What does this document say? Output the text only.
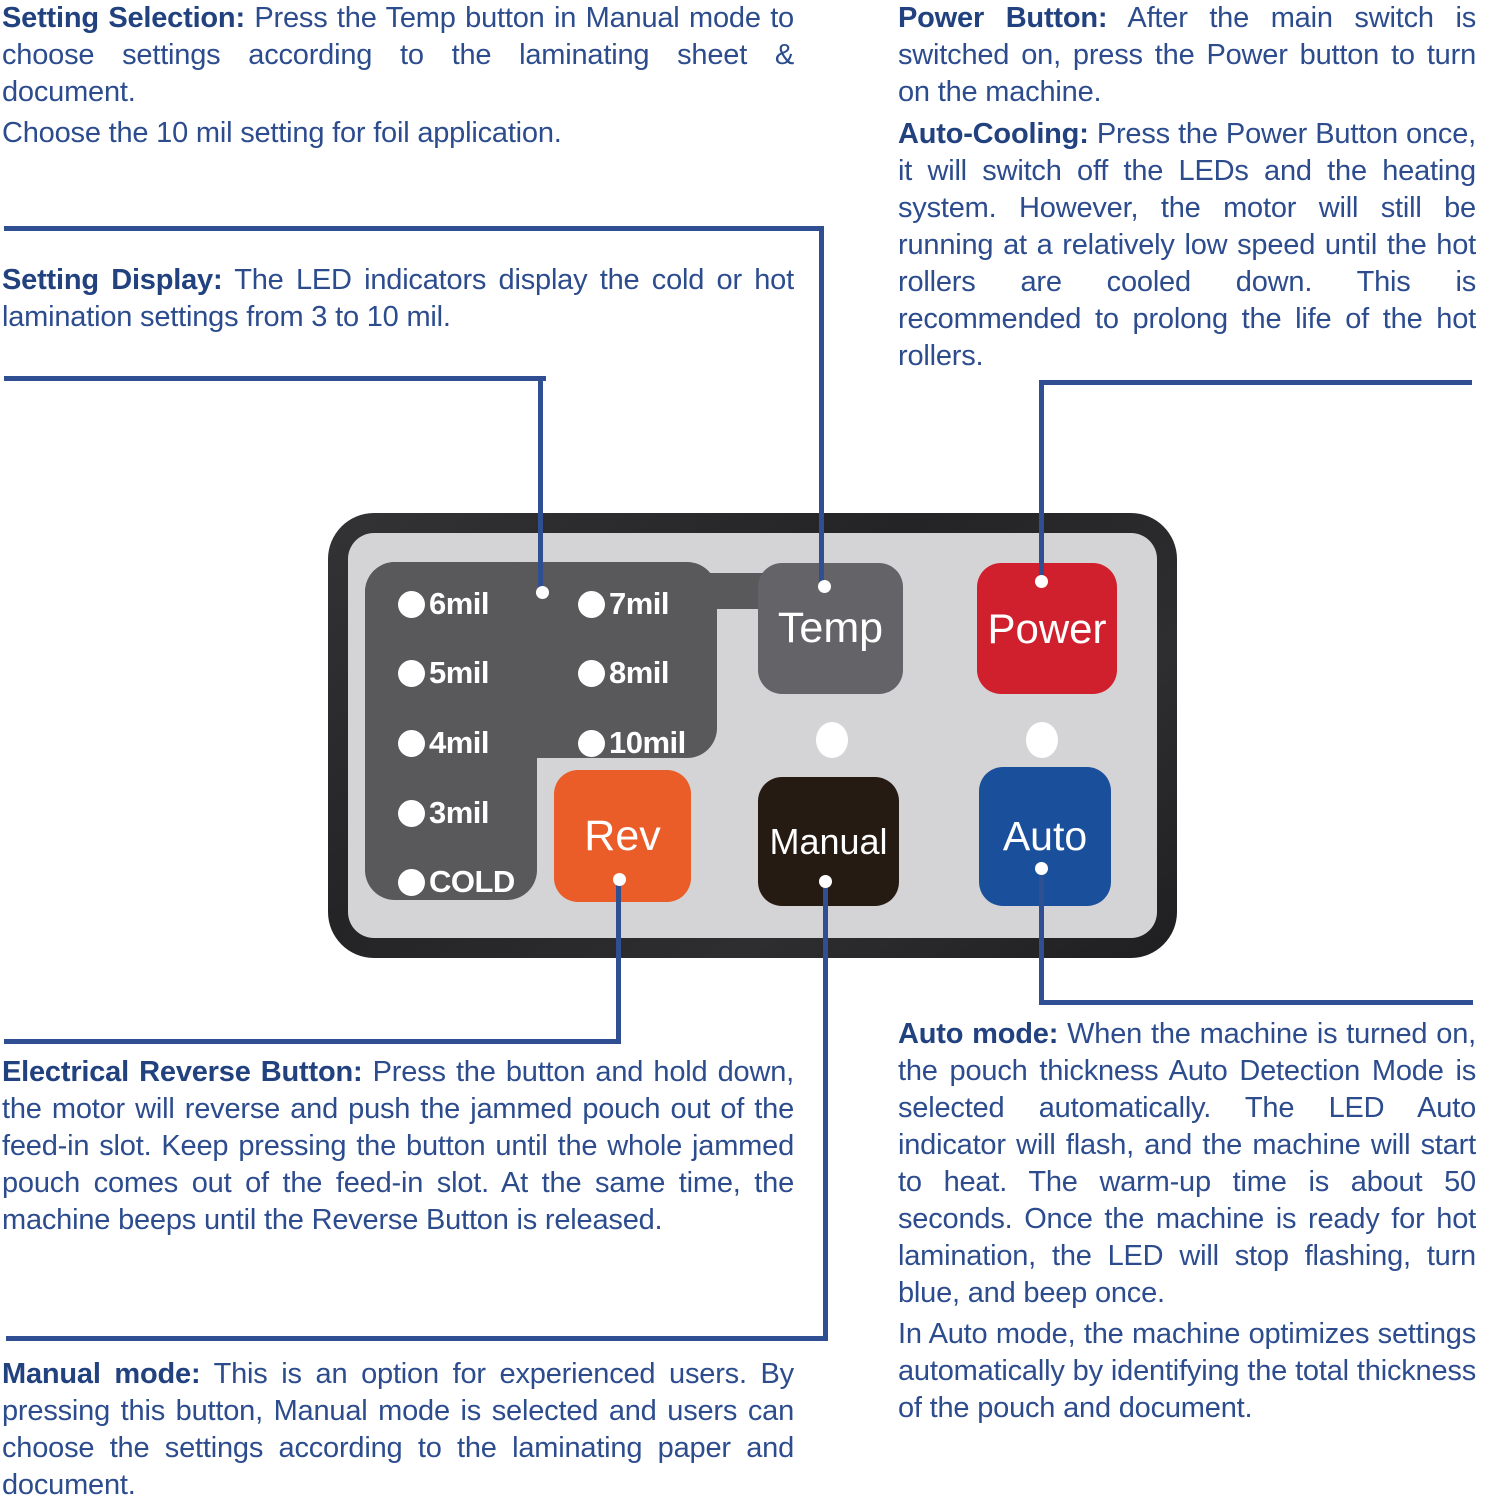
Setting Selection: Press the Temp button in Manual mode to choose settings according to the laminating sheet & document.

Choose the 10 mil setting for foil application.

Setting Display: The LED indicators display the cold or hot lamination settings from 3 to 10 mil.

Power Button: After the main switch is switched on, press the Power button to turn on the machine.

Auto-Cooling: Press the Power Button once, it will switch off the LEDs and the heating system. However, the motor will still be running at a relatively low speed until the hot rollers are cooled down. This is recommended to prolong the life of the hot rollers.

Electrical Reverse Button: Press the button and hold down, the motor will reverse and push the jammed pouch out of the feed-in slot. Keep pressing the button until the whole jammed pouch comes out of the feed-in slot. At the same time, the machine beeps until the Reverse Button is released.

Manual mode: This is an option for experienced users. By pressing this button, Manual mode is selected and users can choose the settings according to the laminating paper and document.

Auto mode: When the machine is turned on, the pouch thickness Auto Detection Mode is selected automatically. The LED Auto indicator will flash, and the machine will start to heat. The warm-up time is about 50 seconds. Once the machine is ready for hot lamination, the LED will stop flashing, turn blue, and beep once.

In Auto mode, the machine optimizes settings automatically by identifying the total thickness of the pouch and document.

6mil
5mil
4mil
3mil
COLD
7mil
8mil
10mil
Temp Power
Rev	Manual	Auto
